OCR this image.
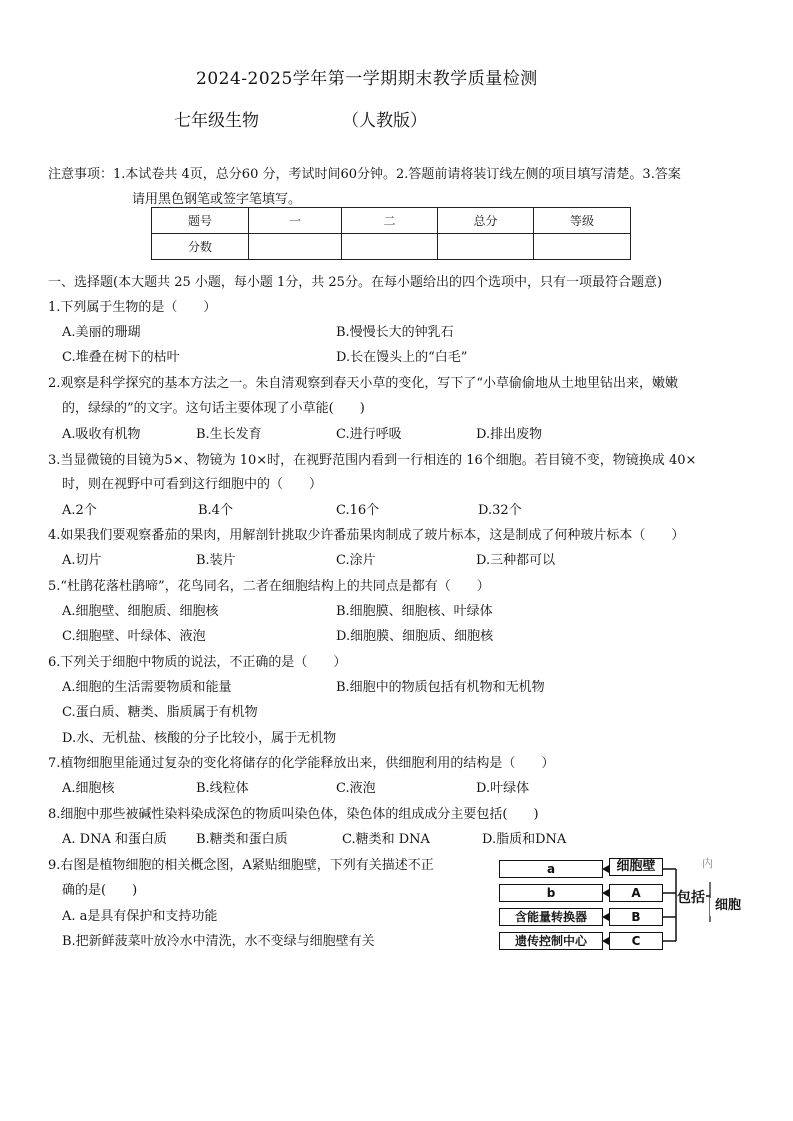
2024-2025学年第一学期期末教学质量检测
七年级生物	（人教版）
注意事项：1.本试卷共 4页，总分60 分，考试时间60分钟。2.答题前请将装订线左侧的项目填写清楚。3.答案
请用黑色钢笔或签字笔填写。
题号	一	二	总分	等级
分数				
一、选择题(本大题共 25 小题，每小题 1分，共 25分。在每小题给出的四个选项中，只有一项最符合题意)
1.下列属于生物的是（　　）
A.美丽的珊瑚	B.慢慢长大的钟乳石
C.堆叠在树下的枯叶	D.长在馒头上的“白毛”
2.观察是科学探究的基本方法之一。朱自清观察到春天小草的变化，写下了“小草偷偷地从土地里钻出来，嫩嫩
的，绿绿的”的文字。这句话主要体现了小草能(　　)
A.吸收有机物	B.生长发育	C.进行呼吸	D.排出废物
3.当显微镜的目镜为5×、物镜为 10×时，在视野范围内看到一行相连的 16个细胞。若目镜不变，物镜换成 40×
时，则在视野中可看到这行细胞中的（　　）
A.2个	B.4个	C.16个	D.32个
4.如果我们要观察番茄的果肉，用解剖针挑取少许番茄果肉制成了玻片标本，这是制成了何种玻片标本（　　）
A.切片	B.装片	C.涂片	D.三种都可以
5.“杜鹃花落杜鹃啼”，花鸟同名，二者在细胞结构上的共同点是都有（　　）
A.细胞壁、细胞质、细胞核	B.细胞膜、细胞核、叶绿体
C.细胞壁、叶绿体、液泡	D.细胞膜、细胞质、细胞核
6.下列关于细胞中物质的说法，不正确的是（　　）
A.细胞的生活需要物质和能量	B.细胞中的物质包括有机物和无机物
C.蛋白质、糖类、脂质属于有机物
D.水、无机盐、核酸的分子比较小，属于无机物
7.植物细胞里能通过复杂的变化将储存的化学能释放出来，供细胞利用的结构是（　　）
A.细胞核	B.线粒体	C.液泡	D.叶绿体
8.细胞中那些被碱性染料染成深色的物质叫染色体，染色体的组成成分主要包括(　　)
A. DNA 和蛋白质 B.糖类和蛋白质	C.糖类和 DNA	D.脂质和DNA
9.右图是植物细胞的相关概念图，A紧贴细胞壁，下列有关描述不正
确的是(　　)
A. a是具有保护和支持功能
B.把新鲜菠菜叶放冷水中清洗，水不变绿与细胞壁有关
a
b
含能量转换器
遗传控制中心
细胞壁
A
B
C
包括 细胞
内
